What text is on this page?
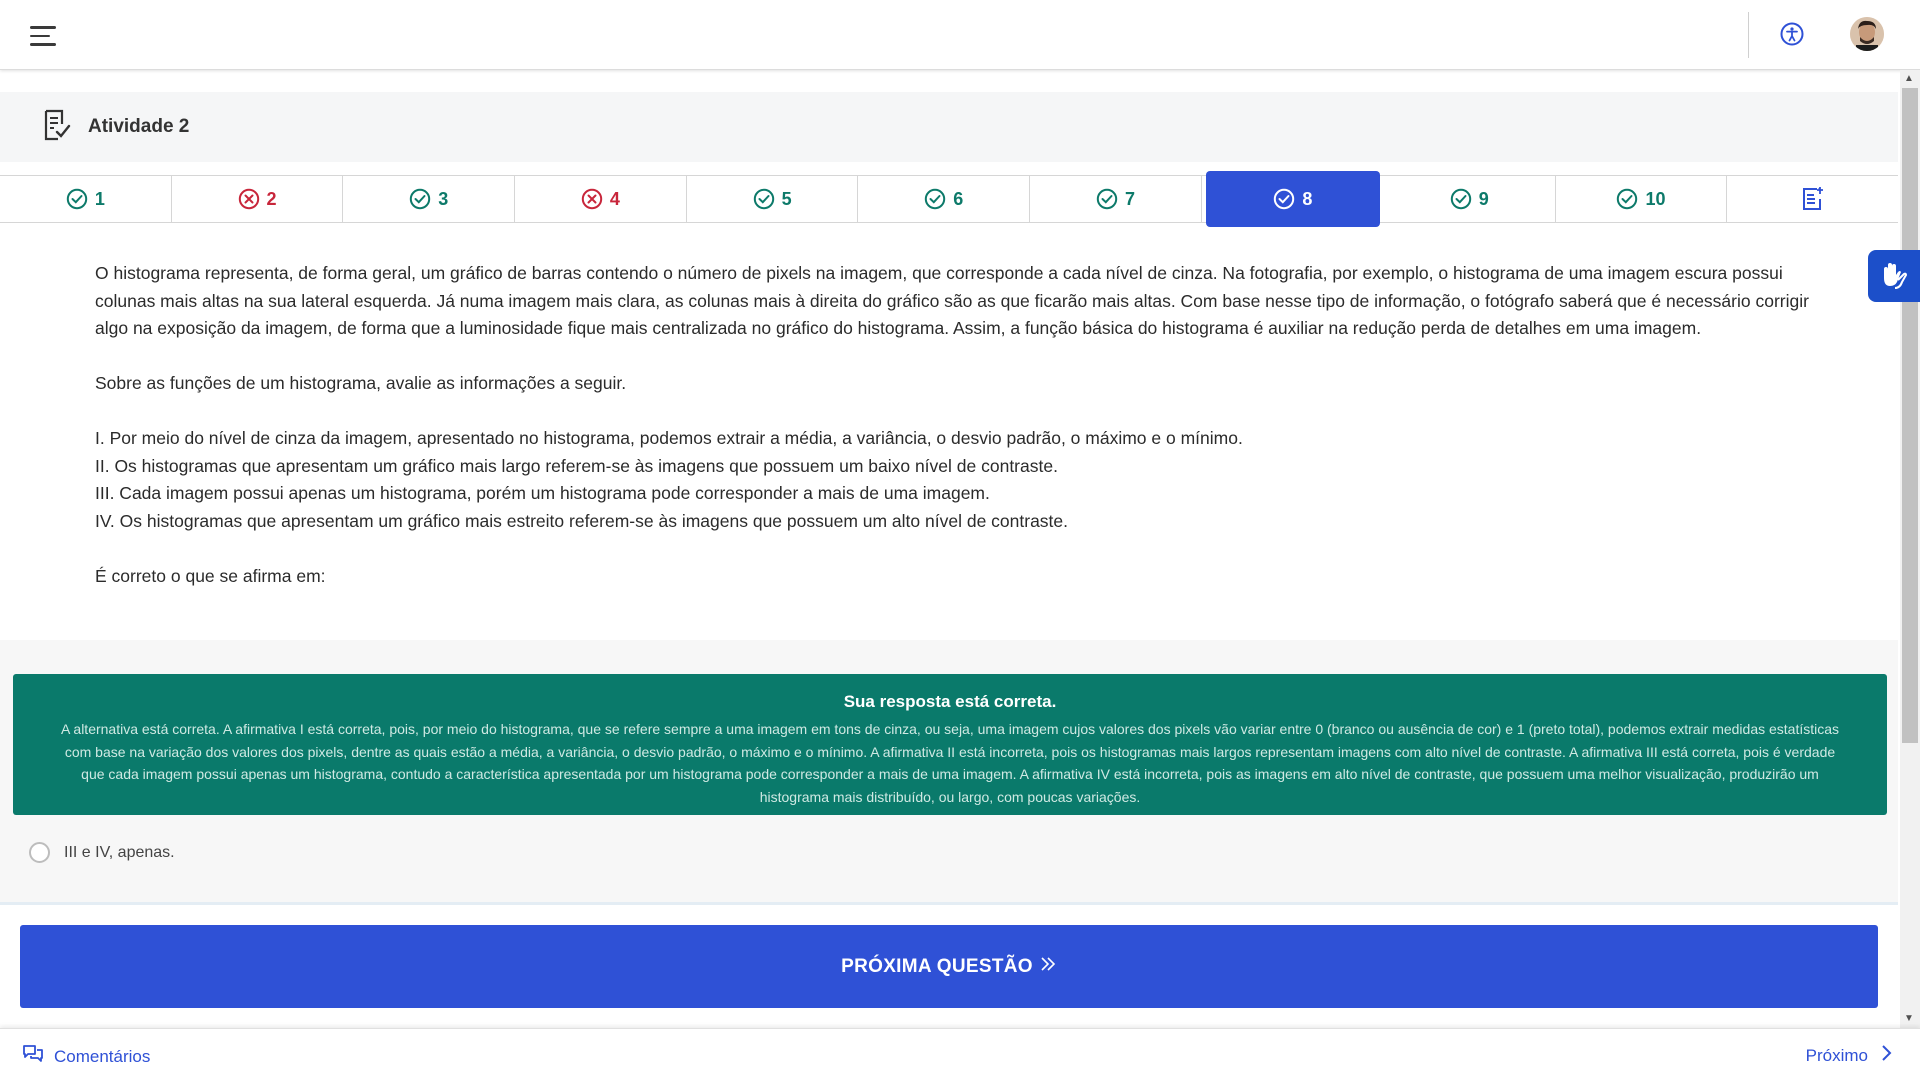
▲
▼
Atividade 2
1	2	3	4	5	6	7	8	9	10

O histograma representa, de forma geral, um gráfico de barras contendo o número de pixels na imagem, que corresponde a cada nível de cinza. Na fotografia, por exemplo, o histograma de uma imagem escura possui colunas mais altas na sua lateral esquerda. Já numa imagem mais clara, as colunas mais à direita do gráfico são as que ficarão mais altas. Com base nesse tipo de informação, o fotógrafo saberá que é necessário corrigir algo na exposição da imagem, de forma que a luminosidade fique mais centralizada no gráfico do histograma. Assim, a função básica do histograma é auxiliar na redução perda de detalhes em uma imagem.

Sobre as funções de um histograma, avalie as informações a seguir.

I. Por meio do nível de cinza da imagem, apresentado no histograma, podemos extrair a média, a variância, o desvio padrão, o máximo e o mínimo.

II. Os histogramas que apresentam um gráfico mais largo referem-se às imagens que possuem um baixo nível de contraste.

III. Cada imagem possui apenas um histograma, porém um histograma pode corresponder a mais de uma imagem.

IV. Os histogramas que apresentam um gráfico mais estreito referem-se às imagens que possuem um alto nível de contraste.

É correto o que se afirma em:

Sua resposta está correta.
A alternativa está correta. A afirmativa I está correta, pois, por meio do histograma, que se refere sempre a uma imagem em tons de cinza, ou seja, uma imagem cujos valores dos pixels vão variar entre 0 (branco ou ausência de cor) e 1 (preto total), podemos extrair medidas estatísticas com base na variação dos valores dos pixels, dentre as quais estão a média, a variância, o desvio padrão, o máximo e o mínimo. A afirmativa II está incorreta, pois os histogramas mais largos representam imagens com alto nível de contraste. A afirmativa III está correta, pois é verdade que cada imagem possui apenas um histograma, contudo a característica apresentada por um histograma pode corresponder a mais de uma imagem. A afirmativa IV está incorreta, pois as imagens em alto nível de contraste, que possuem uma melhor visualização, produzirão um histograma mais distribuído, ou largo, com poucas variações.
III e IV, apenas.
PRÓXIMA QUESTÃO
Comentários	Próximo
